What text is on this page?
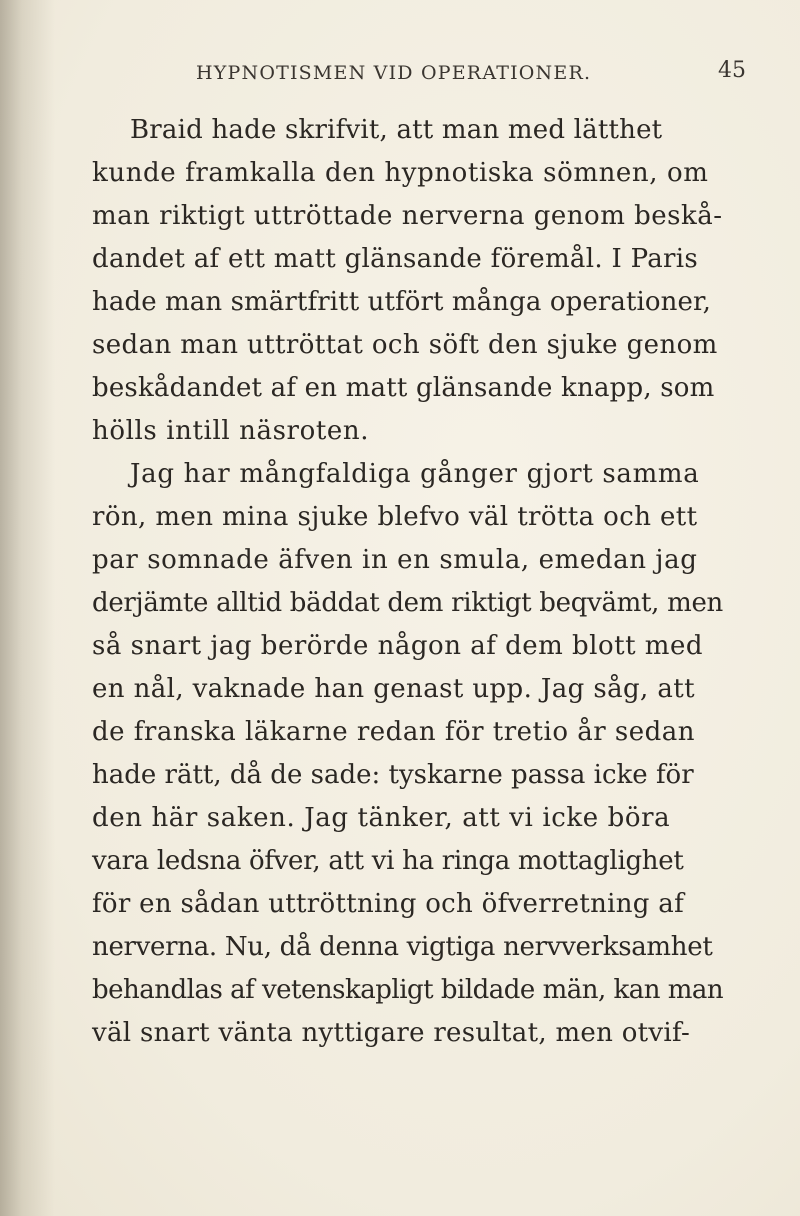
HYPNOTISMEN VID OPERATIONER.	45
Braid hade skrifvit, att man med lätthet
kunde framkalla den hypnotiska sömnen, om
man riktigt uttröttade nerverna genom beskå-
dandet af ett matt glänsande föremål. I Paris
hade man smärtfritt utfört många operationer,
sedan man uttröttat och söft den sjuke genom
beskådandet af en matt glänsande knapp, som
hölls intill näsroten.
Jag har mångfaldiga gånger gjort samma
rön, men mina sjuke blefvo väl trötta och ett
par somnade äfven in en smula, emedan jag
derjämte alltid bäddat dem riktigt beqvämt, men
så snart jag berörde någon af dem blott med
en nål, vaknade han genast upp. Jag såg, att
de franska läkarne redan för tretio år sedan
hade rätt, då de sade: tyskarne passa icke för
den här saken. Jag tänker, att vi icke böra
vara ledsna öfver, att vi ha ringa mottaglighet
för en sådan uttröttning och öfverretning af
nerverna. Nu, då denna vigtiga nervverksamhet
behandlas af vetenskapligt bildade män, kan man
väl snart vänta nyttigare resultat, men otvif-
